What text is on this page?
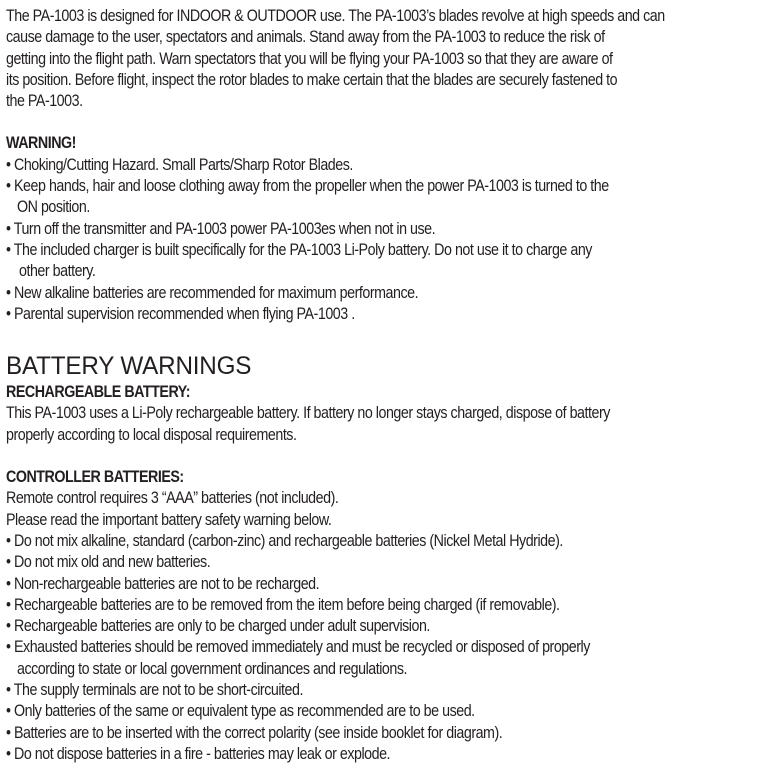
The PA-1003 is designed for INDOOR & OUTDOOR use. The PA-1003’s blades revolve at high speeds and can
cause damage to the user, spectators and animals. Stand away from the PA-1003 to reduce the risk of
getting into the flight path. Warn spectators that you will be flying your PA-1003 so that they are aware of
its position. Before flight, inspect the rotor blades to make certain that the blades are securely fastened to
the PA-1003.
WARNING!
• Choking/Cutting Hazard. Small Parts/Sharp Rotor Blades.
• Keep hands, hair and loose clothing away from the propeller when the power PA-1003 is turned to the
ON position.
• Turn off the transmitter and PA-1003 power PA-1003es when not in use.
• The included charger is built specifically for the PA-1003 Li-Poly battery. Do not use it to charge any
other battery.
• New alkaline batteries are recommended for maximum performance.
• Parental supervision recommended when flying PA-1003 .
BATTERY WARNINGS
RECHARGEABLE BATTERY:
This PA-1003 uses a Li-Poly rechargeable battery. If battery no longer stays charged, dispose of battery
properly according to local disposal requirements.
CONTROLLER BATTERIES:
Remote control requires 3 “AAA” batteries (not included).
Please read the important battery safety warning below.
• Do not mix alkaline, standard (carbon-zinc) and rechargeable batteries (Nickel Metal Hydride).
• Do not mix old and new batteries.
• Non-rechargeable batteries are not to be recharged.
• Rechargeable batteries are to be removed from the item before being charged (if removable).
• Rechargeable batteries are only to be charged under adult supervision.
• Exhausted batteries should be removed immediately and must be recycled or disposed of properly
according to state or local government ordinances and regulations.
• The supply terminals are not to be short-circuited.
• Only batteries of the same or equivalent type as recommended are to be used.
• Batteries are to be inserted with the correct polarity (see inside booklet for diagram).
• Do not dispose batteries in a fire - batteries may leak or explode.
